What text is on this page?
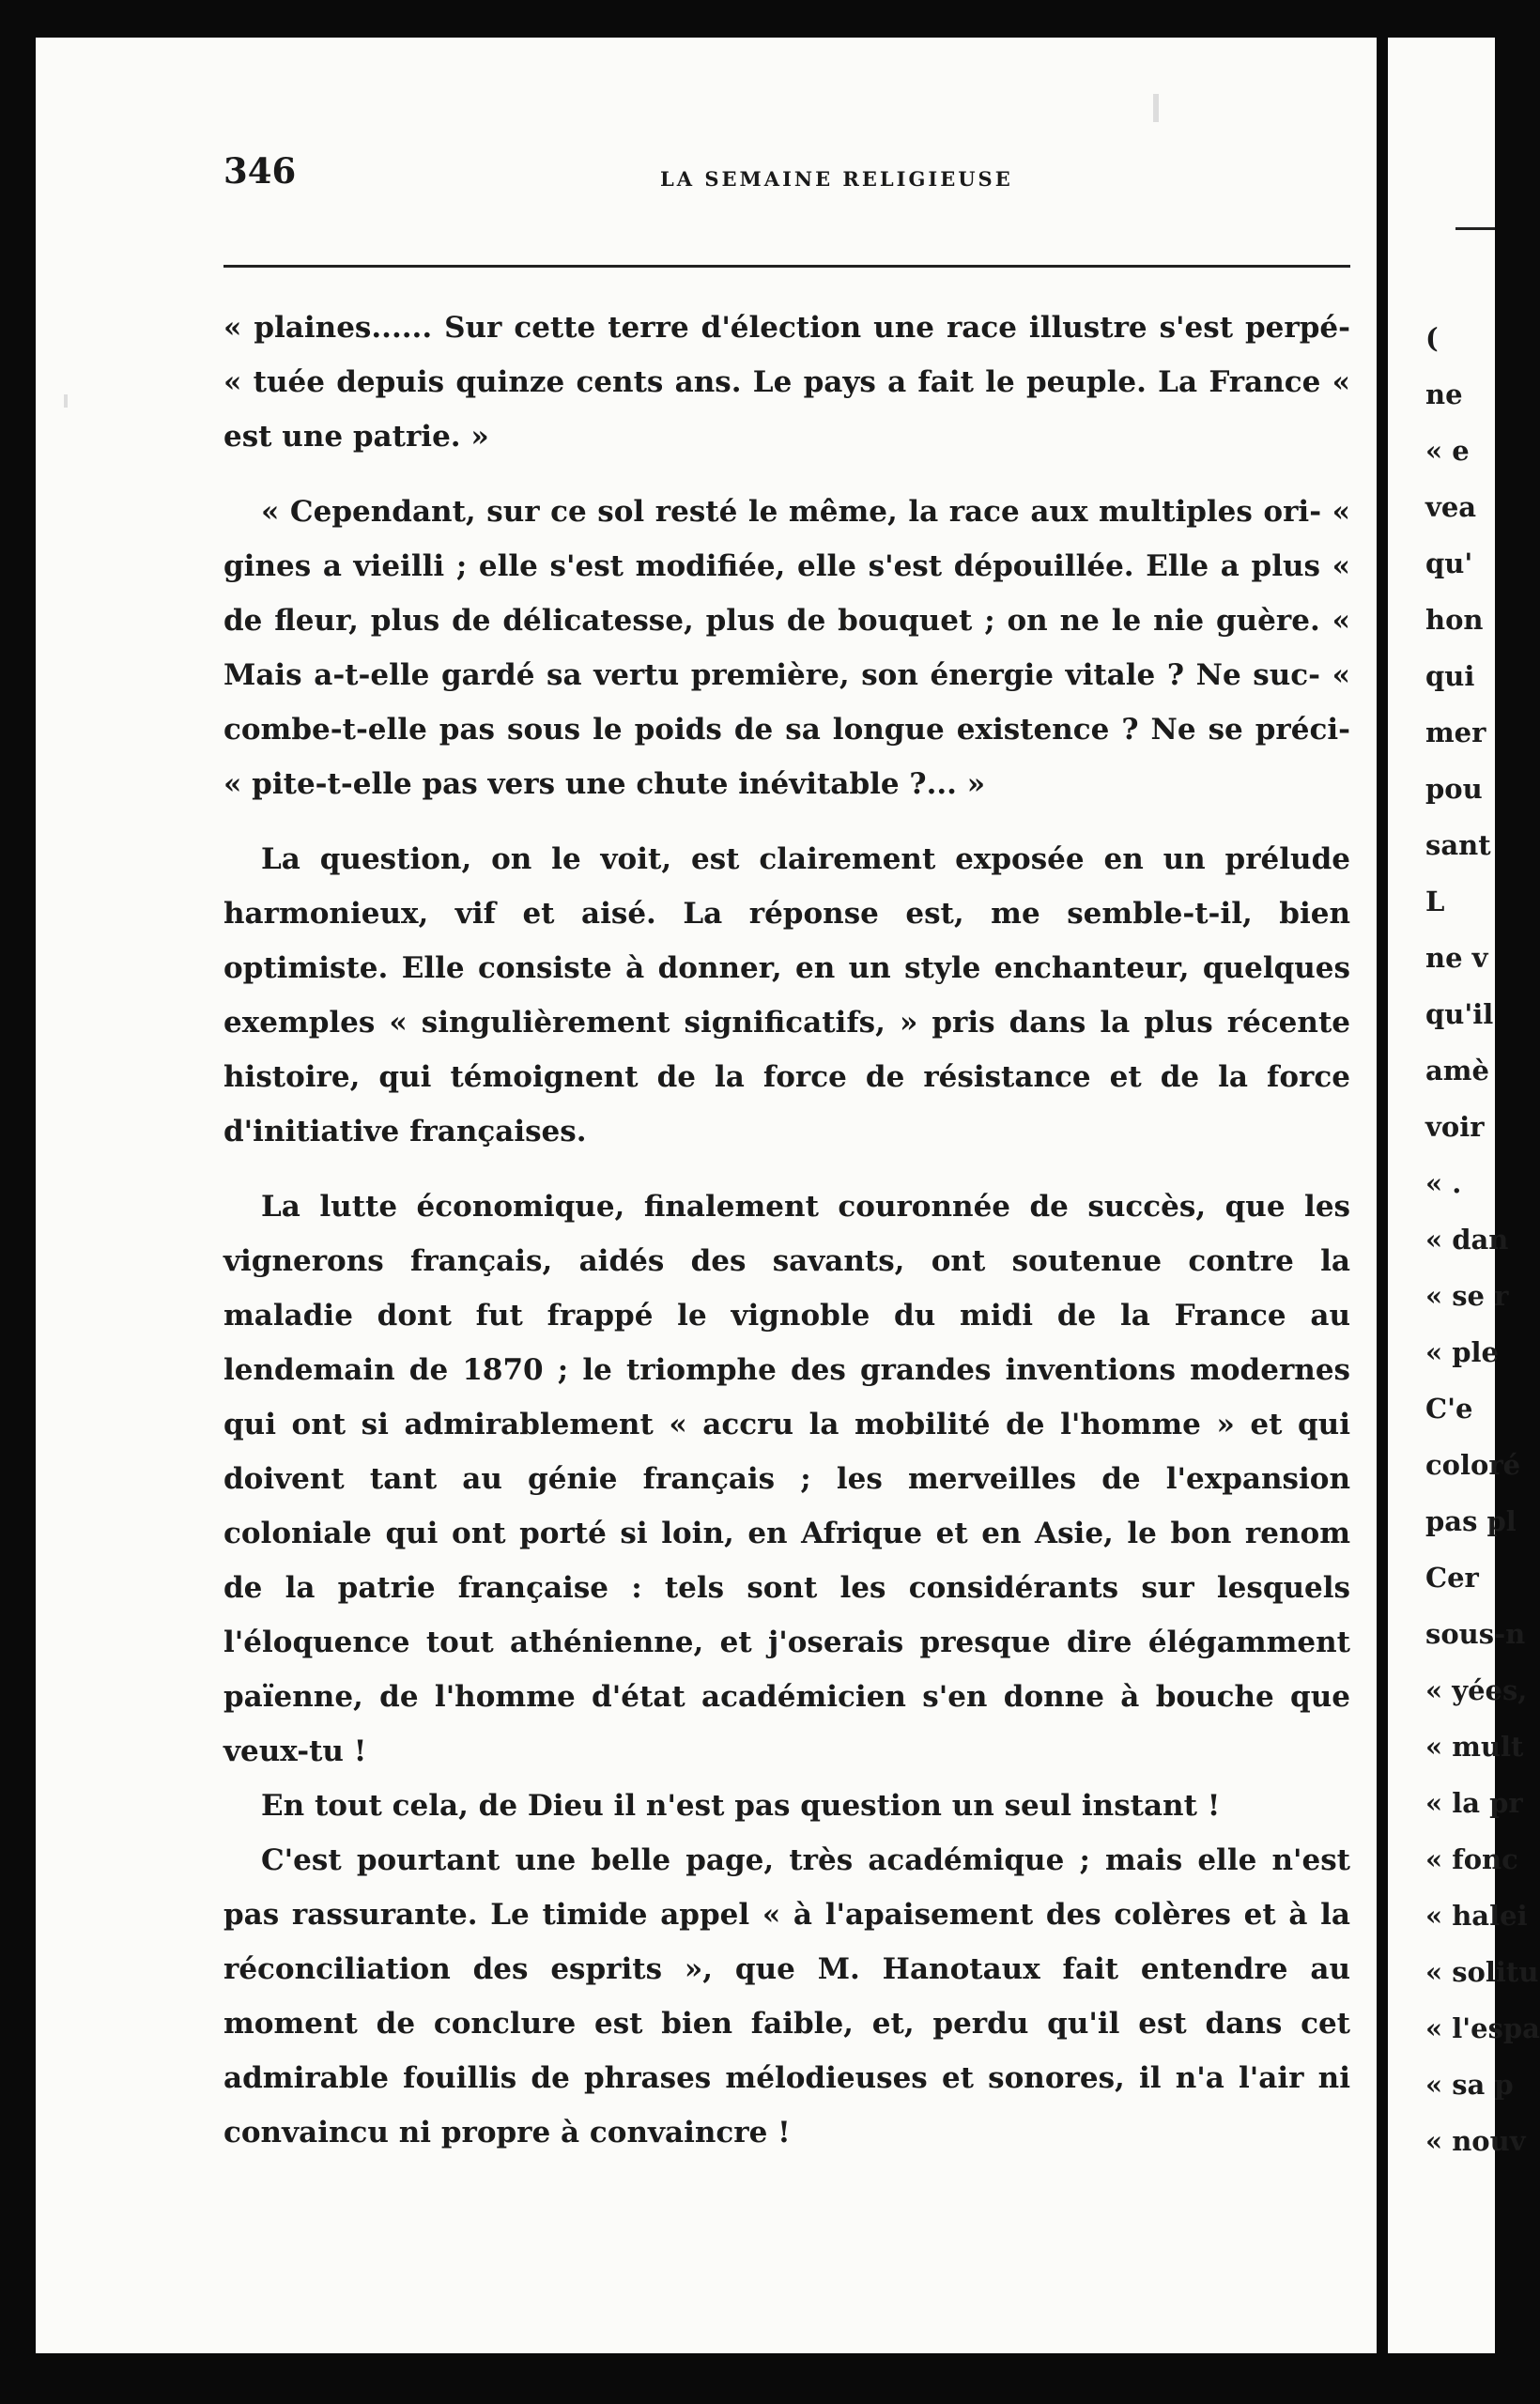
346	LA SEMAINE RELIGIEUSE

« plaines...... Sur cette terre d'élection une race illustre s'est perpé- « tuée depuis quinze cents ans. Le pays a fait le peuple. La France « est une patrie. »

« Cependant, sur ce sol resté le même, la race aux multiples ori- « gines a vieilli ; elle s'est modifiée, elle s'est dépouillée. Elle a plus « de fleur, plus de délicatesse, plus de bouquet ; on ne le nie guère. « Mais a-t-elle gardé sa vertu première, son énergie vitale ? Ne suc- « combe-t-elle pas sous le poids de sa longue existence ? Ne se préci- « pite-t-elle pas vers une chute inévitable ?... »

La question, on le voit, est clairement exposée en un prélude harmonieux, vif et aisé. La réponse est, me semble-t-il, bien optimiste. Elle consiste à donner, en un style enchanteur, quelques exemples « singulièrement significatifs, » pris dans la plus récente histoire, qui témoignent de la force de résistance et de la force d'initiative françaises.

La lutte économique, finalement couronnée de succès, que les vignerons français, aidés des savants, ont soutenue contre la maladie dont fut frappé le vignoble du midi de la France au lendemain de 1870 ; le triomphe des grandes inventions modernes qui ont si admirablement « accru la mobilité de l'homme » et qui doivent tant au génie français ; les merveilles de l'expansion coloniale qui ont porté si loin, en Afrique et en Asie, le bon renom de la patrie française : tels sont les considérants sur lesquels l'éloquence tout athénienne, et j'oserais presque dire élégamment païenne, de l'homme d'état académicien s'en donne à bouche que veux-tu !

En tout cela, de Dieu il n'est pas question un seul instant !

C'est pourtant une belle page, très académique ; mais elle n'est pas rassurante. Le timide appel « à l'apaisement des colères et à la réconciliation des esprits », que M. Hanotaux fait entendre au moment de conclure est bien faible, et, perdu qu'il est dans cet admirable fouillis de phrases mélodieuses et sonores, il n'a l'air ni convaincu ni propre à convaincre !

(
ne
« e
vea
qu'
hon
qui
mer
pou
sant
L
ne v
qu'il
amè
voir
« .
« dan
« se r
« ple
C'e
coloré
pas pl
Cer
sous-n
« yées,
« mult
« la pr
« fonc
« halei
« solitu
« l'espa
« sa p
« nouv
